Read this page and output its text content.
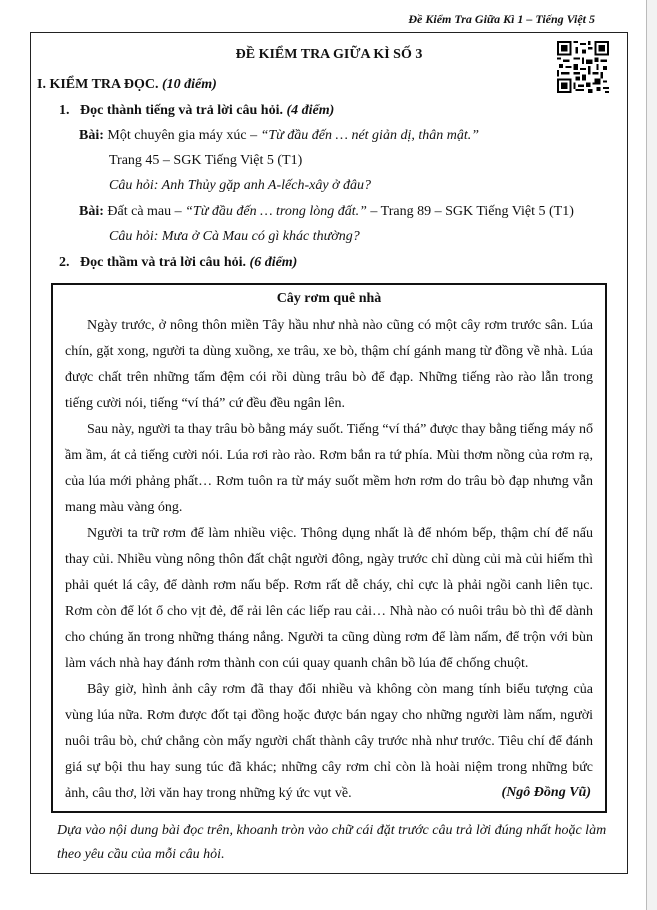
Đề Kiểm Tra Giữa Kì 1 – Tiếng Việt 5
ĐỀ KIỂM TRA GIỮA KÌ SỐ 3
I. KIỂM TRA ĐỌC. (10 điểm)
1. Đọc thành tiếng và trả lời câu hỏi. (4 điểm)
Bài: Một chuyên gia máy xúc – “Từ đầu đến … nét giản dị, thân mật.”
Trang 45 – SGK Tiếng Việt 5 (T1)
Câu hỏi: Anh Thủy gặp anh A-lếch-xây ở đâu?
Bài: Đất cà mau – “Từ đầu đến … trong lòng đất.” – Trang 89 – SGK Tiếng Việt 5 (T1)
Câu hỏi: Mưa ở Cà Mau có gì khác thường?
2. Đọc thầm và trả lời câu hỏi. (6 điểm)
Cây rơm quê nhà

Ngày trước, ở nông thôn miền Tây hầu như nhà nào cũng có một cây rơm trước sân. Lúa chín, gặt xong, người ta dùng xuồng, xe trâu, xe bò, thậm chí gánh mang từ đồng về nhà. Lúa được chất trên những tấm đệm cói rồi dùng trâu bò để đạp. Những tiếng rào rào lẫn trong tiếng cười nói, tiếng “ví thá” cứ đều đều ngân lên.

Sau này, người ta thay trâu bò bằng máy suốt. Tiếng “ví thá” được thay bằng tiếng máy nổ ầm ầm, át cả tiếng cười nói. Lúa rơi rào rào. Rơm bắn ra tứ phía. Mùi thơm nồng của rơm rạ, của lúa mới phảng phất… Rơm tuôn ra từ máy suốt mềm hơn rơm do trâu bò đạp nhưng vẫn mang màu vàng óng.

Người ta trữ rơm để làm nhiều việc. Thông dụng nhất là để nhóm bếp, thậm chí để nấu thay củi. Nhiều vùng nông thôn đất chật người đông, ngày trước chỉ dùng củi mà củi hiếm thì phải quét lá cây, để dành rơm nấu bếp. Rơm rất dễ cháy, chỉ cực là phải ngồi canh liên tục. Rơm còn để lót ổ cho vịt đẻ, để rải lên các liếp rau cải… Nhà nào có nuôi trâu bò thì để dành cho chúng ăn trong những tháng nắng. Người ta cũng dùng rơm để làm nấm, để trộn với bùn làm vách nhà hay đánh rơm thành con cúi quay quanh chân bồ lúa để chống chuột.

Bây giờ, hình ảnh cây rơm đã thay đổi nhiều và không còn mang tính biểu tượng của vùng lúa nữa. Rơm được đốt tại đồng hoặc được bán ngay cho những người làm nấm, người nuôi trâu bò, chứ chẳng còn mấy người chất thành cây trước nhà như trước. Tiêu chí để đánh giá sự bội thu hay sung túc đã khác; những cây rơm chỉ còn là hoài niệm trong những bức ảnh, câu thơ, lời văn hay trong những ký ức vụt về.	(Ngô Đồng Vũ)

Dựa vào nội dung bài đọc trên, khoanh tròn vào chữ cái đặt trước câu trả lời đúng nhất hoặc làm theo yêu cầu của mỗi câu hỏi.
